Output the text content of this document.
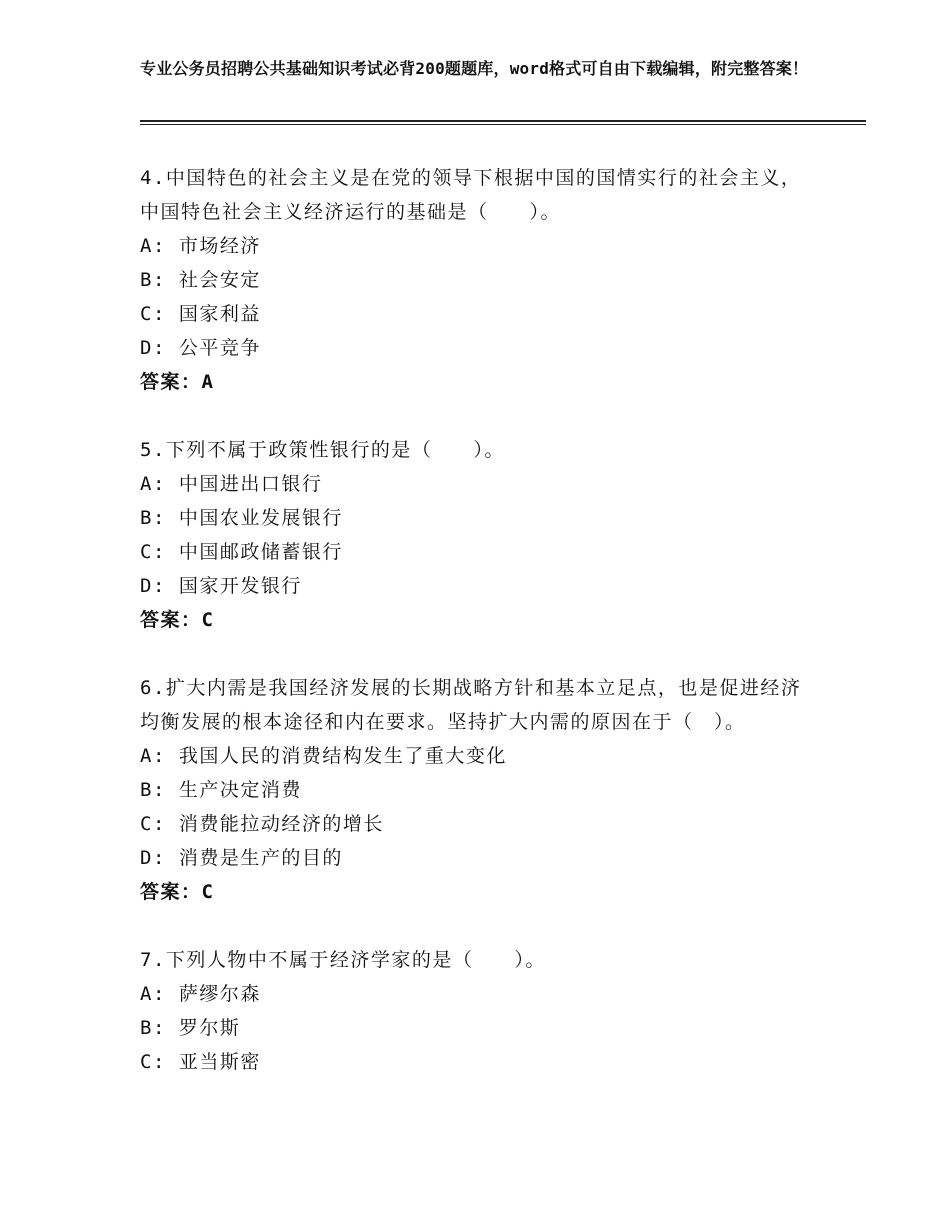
专业公务员招聘公共基础知识考试必背200题题库，word格式可自由下载编辑，附完整答案！

4.中国特色的社会主义是在党的领导下根据中国的国情实行的社会主义，中国特色社会主义经济运行的基础是（　　）。

A: 市场经济

B: 社会安定

C: 国家利益

D: 公平竞争

答案：A

5.下列不属于政策性银行的是（　　）。

A: 中国进出口银行

B: 中国农业发展银行

C: 中国邮政储蓄银行

D: 国家开发银行

答案：C

6.扩大内需是我国经济发展的长期战略方针和基本立足点，也是促进经济均衡发展的根本途径和内在要求。坚持扩大内需的原因在于（　）。

A: 我国人民的消费结构发生了重大变化

B: 生产决定消费

C: 消费能拉动经济的增长

D: 消费是生产的目的

答案：C

7.下列人物中不属于经济学家的是（　　）。

A: 萨缪尔森

B: 罗尔斯

C: 亚当斯密
